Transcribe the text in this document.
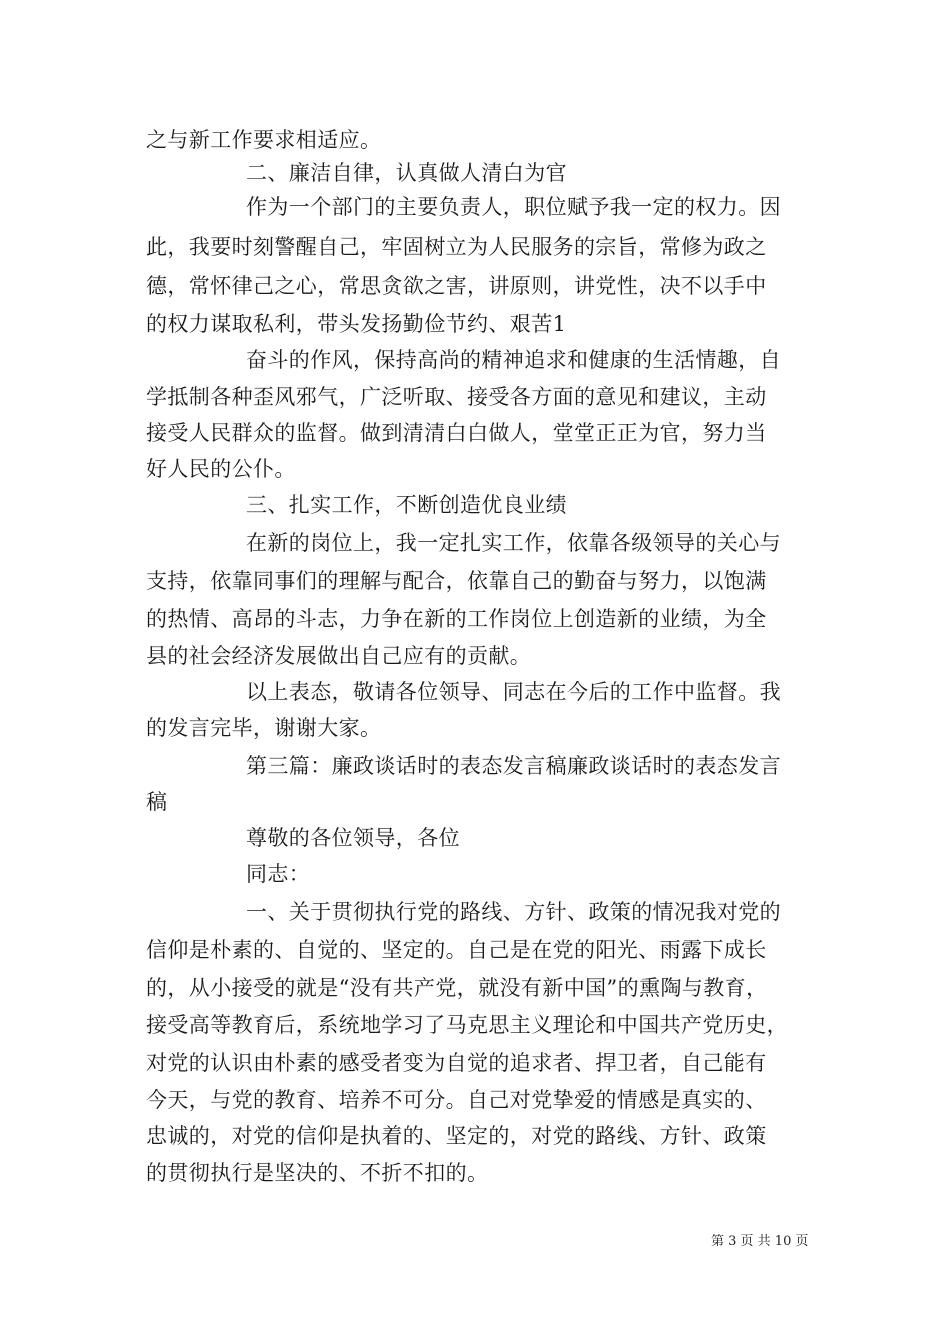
之与新工作要求相适应。
二、廉洁自律，认真做人清白为官
作为一个部门的主要负责人，职位赋予我一定的权力。因
此，我要时刻警醒自己，牢固树立为人民服务的宗旨，常修为政之
德，常怀律己之心，常思贪欲之害，讲原则，讲党性，决不以手中
的权力谋取私利，带头发扬勤俭节约、艰苦1
奋斗的作风，保持高尚的精神追求和健康的生活情趣，自
学抵制各种歪风邪气，广泛听取、接受各方面的意见和建议，主动
接受人民群众的监督。做到清清白白做人，堂堂正正为官，努力当
好人民的公仆。
三、扎实工作，不断创造优良业绩
在新的岗位上，我一定扎实工作，依靠各级领导的关心与
支持，依靠同事们的理解与配合，依靠自己的勤奋与努力，以饱满
的热情、高昂的斗志，力争在新的工作岗位上创造新的业绩，为全
县的社会经济发展做出自己应有的贡献。
以上表态，敬请各位领导、同志在今后的工作中监督。我
的发言完毕，谢谢大家。
第三篇：廉政谈话时的表态发言稿廉政谈话时的表态发言
稿
尊敬的各位领导，各位
同志：
一、关于贯彻执行党的路线、方针、政策的情况我对党的
信仰是朴素的、自觉的、坚定的。自己是在党的阳光、雨露下成长
的，从小接受的就是“没有共产党，就没有新中国”的熏陶与教育，
接受高等教育后，系统地学习了马克思主义理论和中国共产党历史，
对党的认识由朴素的感受者变为自觉的追求者、捍卫者，自己能有
今天，与党的教育、培养不可分。自己对党挚爱的情感是真实的、
忠诚的，对党的信仰是执着的、坚定的，对党的路线、方针、政策
的贯彻执行是坚决的、不折不扣的。
第 3 页 共 10 页
